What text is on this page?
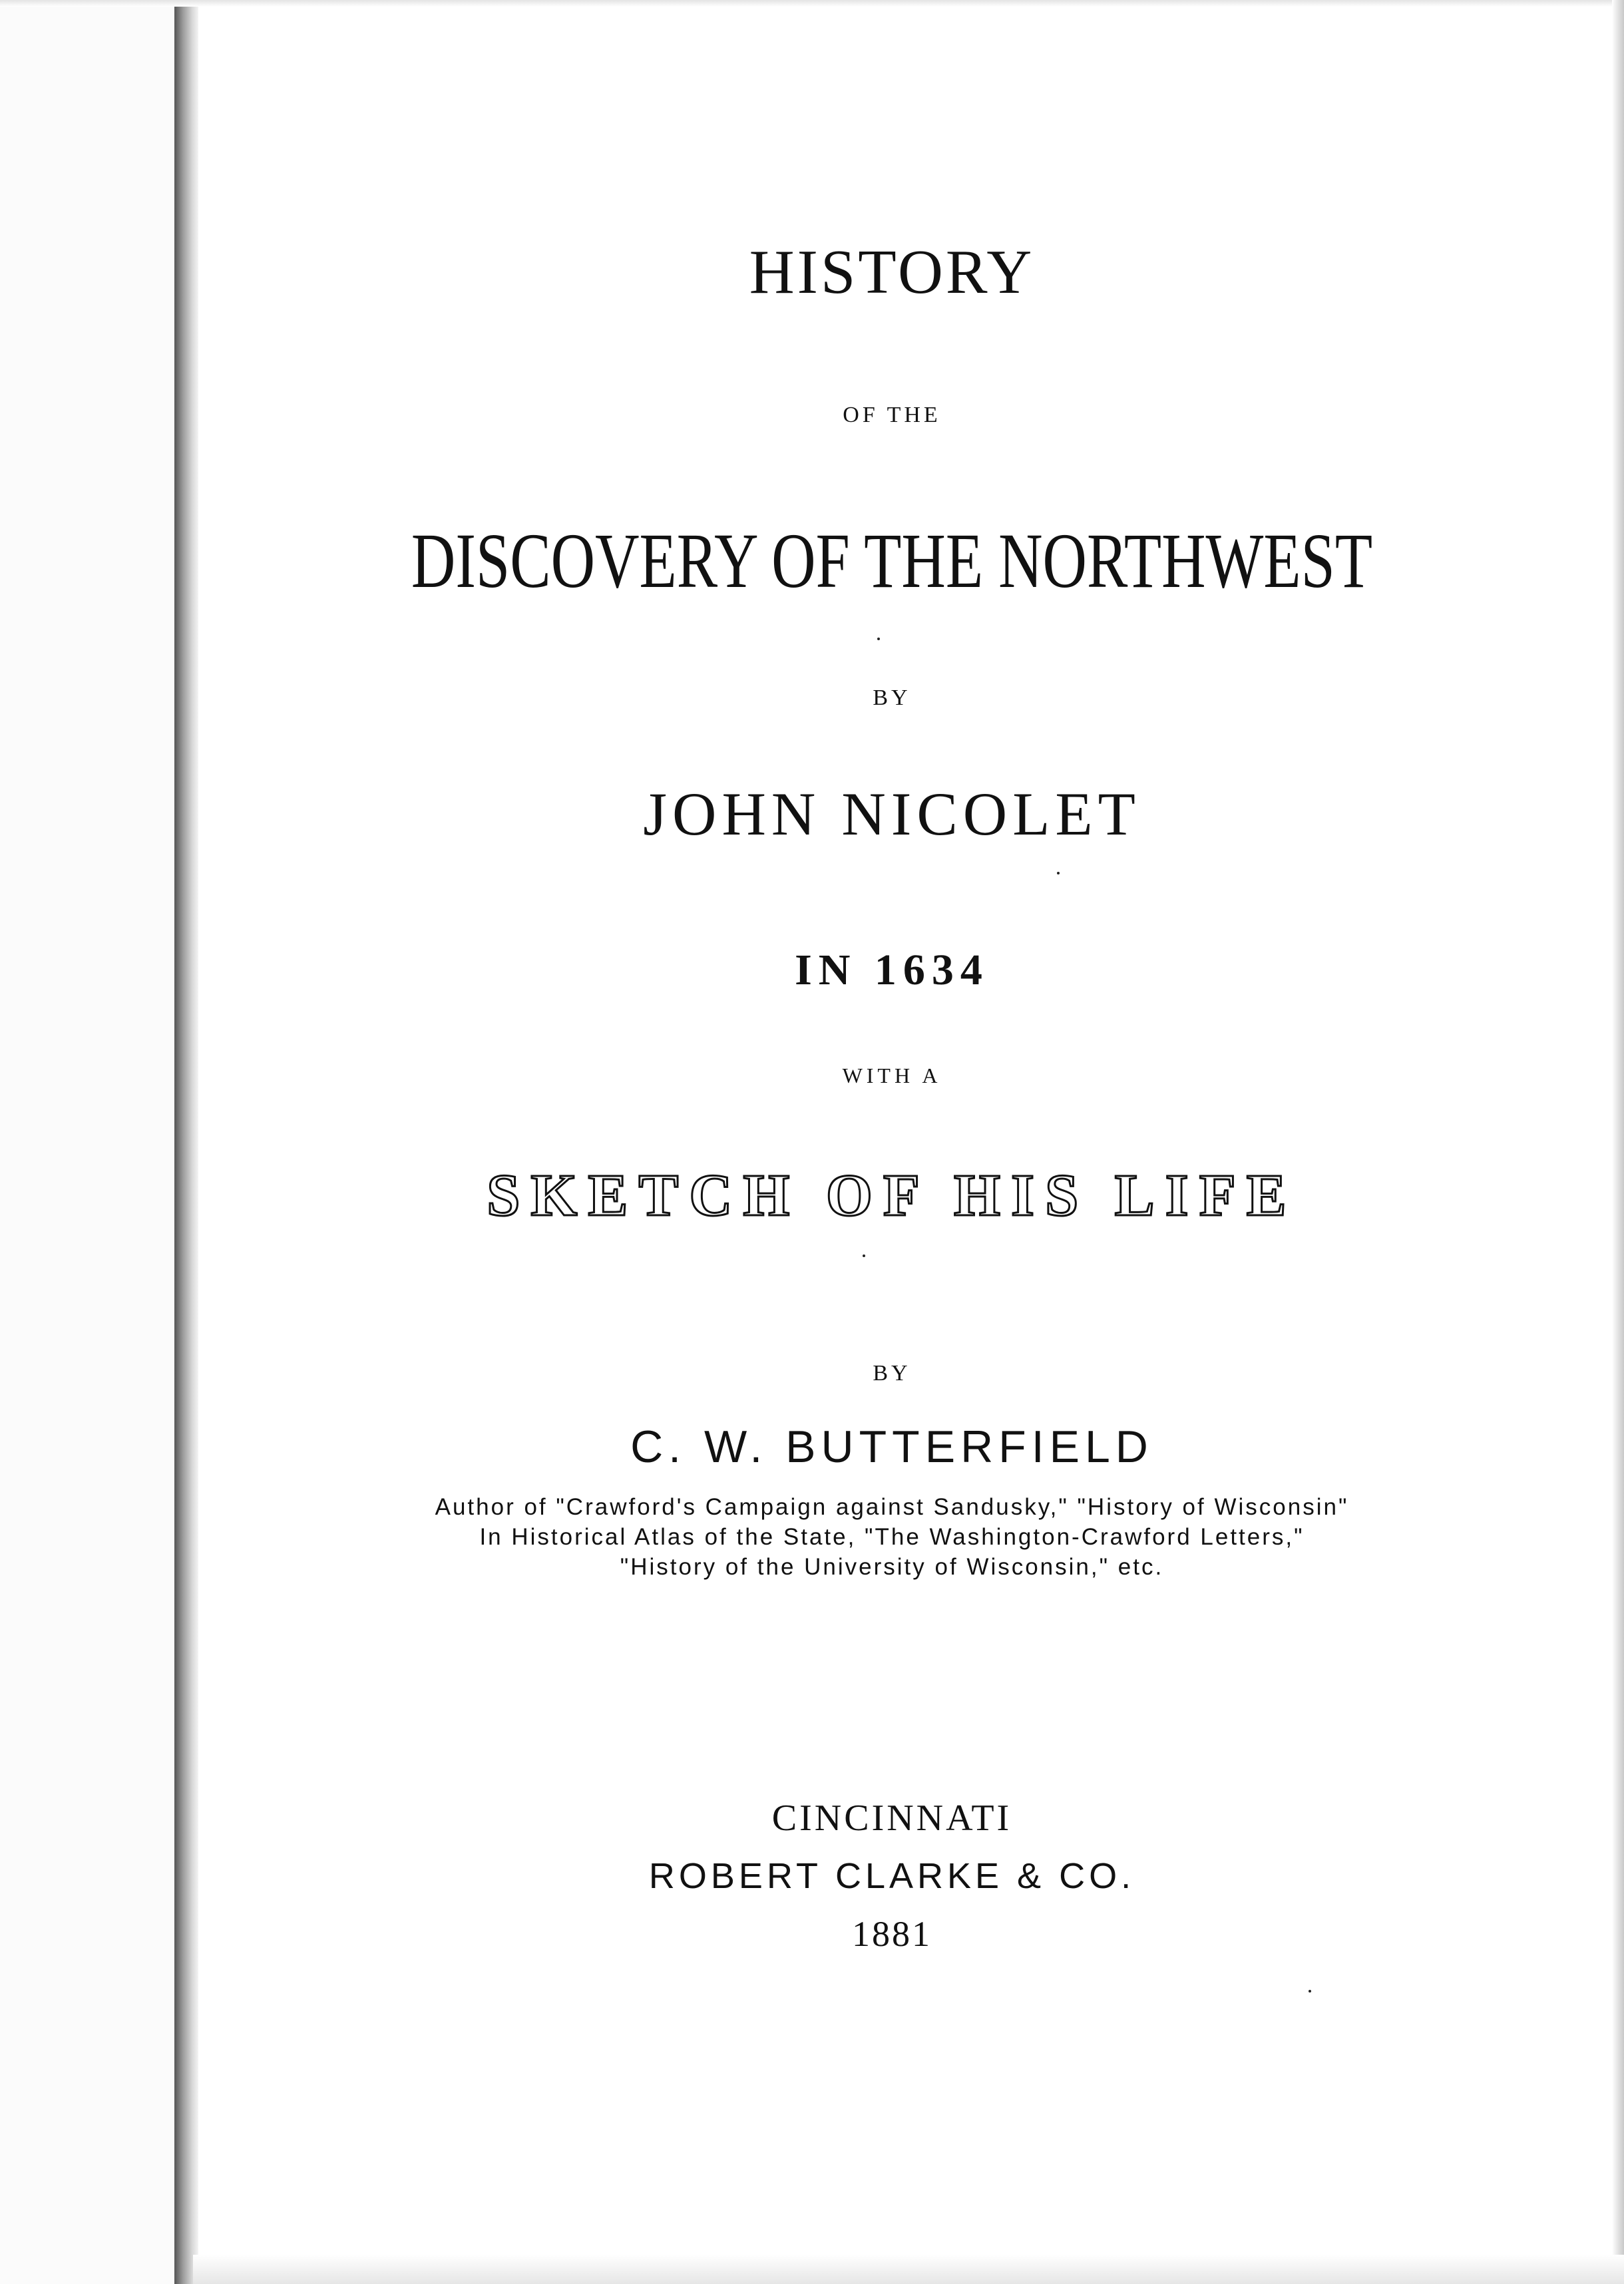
HISTORY
OF THE
DISCOVERY OF THE NORTHWEST
BY
JOHN NICOLET
IN 1634
WITH A
SKETCH OF HIS LIFE
BY
C. W. BUTTERFIELD
Author of "Crawford's Campaign against Sandusky," "History of Wisconsin"
In Historical Atlas of the State, "The Washington-Crawford Letters,"
"History of the University of Wisconsin," etc.
CINCINNATI
ROBERT CLARKE & CO.
1881
